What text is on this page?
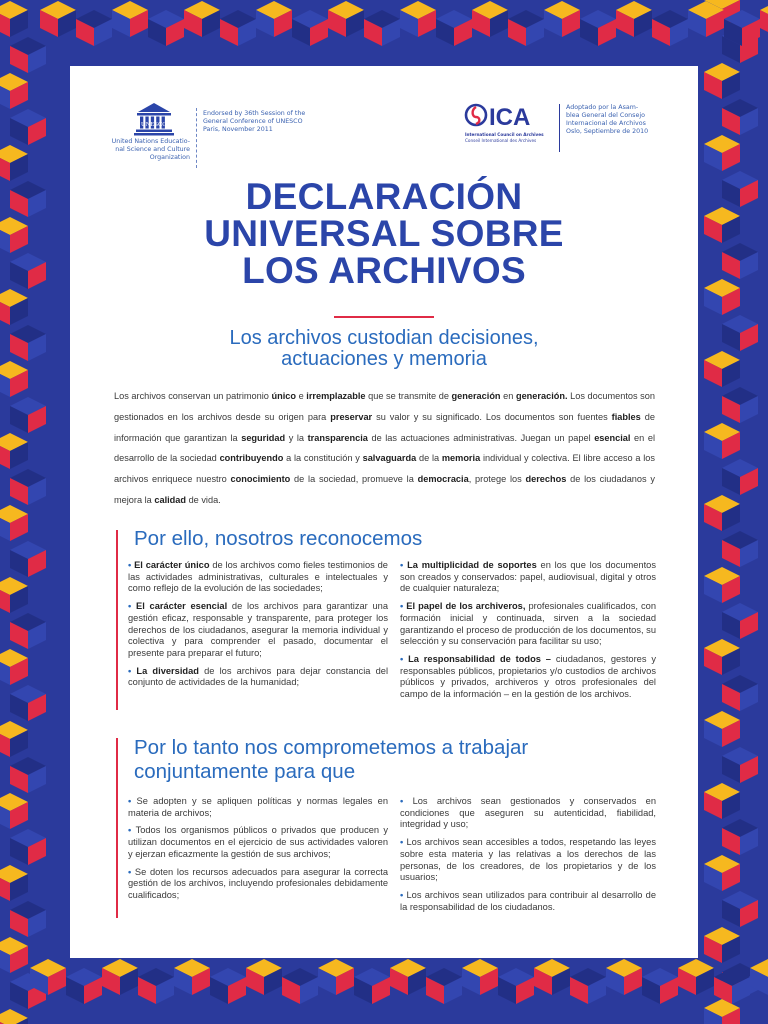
UNESCO
United Nations Educatio-
nal Science and Culture
Organization
Endorsed by 36th Session of the
General Conference of UNESCO
Paris, November 2011	ICA
International Council on Archives
Conseil International des Archives
Adoptado por la Asam-
blea General del Consejo
Internacional de Archivos
Oslo, Septiembre de 2010
DECLARACIÓN
UNIVERSAL SOBRE
LOS ARCHIVOS
Los archivos custodian decisiones,
actuaciones y memoria

Los archivos conservan un patrimonio único e irremplazable que se transmite de generación en generación. Los documentos son gestionados en los archivos desde su origen para preservar su valor y su significado. Los documentos son fuentes fiables de información que garantizan la seguridad y la transparencia de las actuaciones administrativas. Juegan un papel esencial en el desarrollo de la sociedad contribuyendo a la constitución y salvaguarda de la memoria individual y colectiva. El libre acceso a los archivos enriquece nuestro conocimiento de la sociedad, promueve la democracia, protege los derechos de los ciudadanos y mejora la calidad de vida.

Por ello, nosotros reconocemos

• El carácter único de los archivos como fieles testimonios de las actividades administrativas, culturales e intelectuales y como reflejo de la evolución de las sociedades;

• El carácter esencial de los archivos para garantizar una gestión eficaz, responsable y transparente, para proteger los derechos de los ciudadanos, asegurar la memoria individual y colectiva y para comprender el pasado, documentar el presente para preparar el futuro;

• La diversidad de los archivos para dejar constancia del conjunto de actividades de la humanidad;

• La multiplicidad de soportes en los que los documentos son creados y conservados: papel, audiovisual, digital y otros de cualquier naturaleza;

• El papel de los archiveros, profesionales cualificados, con formación inicial y continuada, sirven a la sociedad garantizando el proceso de producción de los documentos, su selección y su conservación para facilitar su uso;

• La responsabilidad de todos – ciudadanos, gestores y responsables públicos, propietarios y/o custodios de archivos públicos y privados, archiveros y otros profesionales del campo de la información – en la gestión de los archivos.

Por lo tanto nos comprometemos a trabajar
conjuntamente para que

• Se adopten y se apliquen políticas y normas legales en materia de archivos;

• Todos los organismos públicos o privados que producen y utilizan documentos en el ejercicio de sus actividades valoren y ejerzan eficazmente la gestión de sus archivos;

• Se doten los recursos adecuados para asegurar la correcta gestión de los archivos, incluyendo profesionales debidamente cualificados;

• Los archivos sean gestionados y conservados en condiciones que aseguren su autenticidad, fiabilidad, integridad y uso;

• Los archivos sean accesibles a todos, respetando las leyes sobre esta materia y las relativas a los derechos de las personas, de los creadores, de los propietarios y de los usuarios;

• Los archivos sean utilizados para contribuir al desarrollo de la responsabilidad de los ciudadanos.
